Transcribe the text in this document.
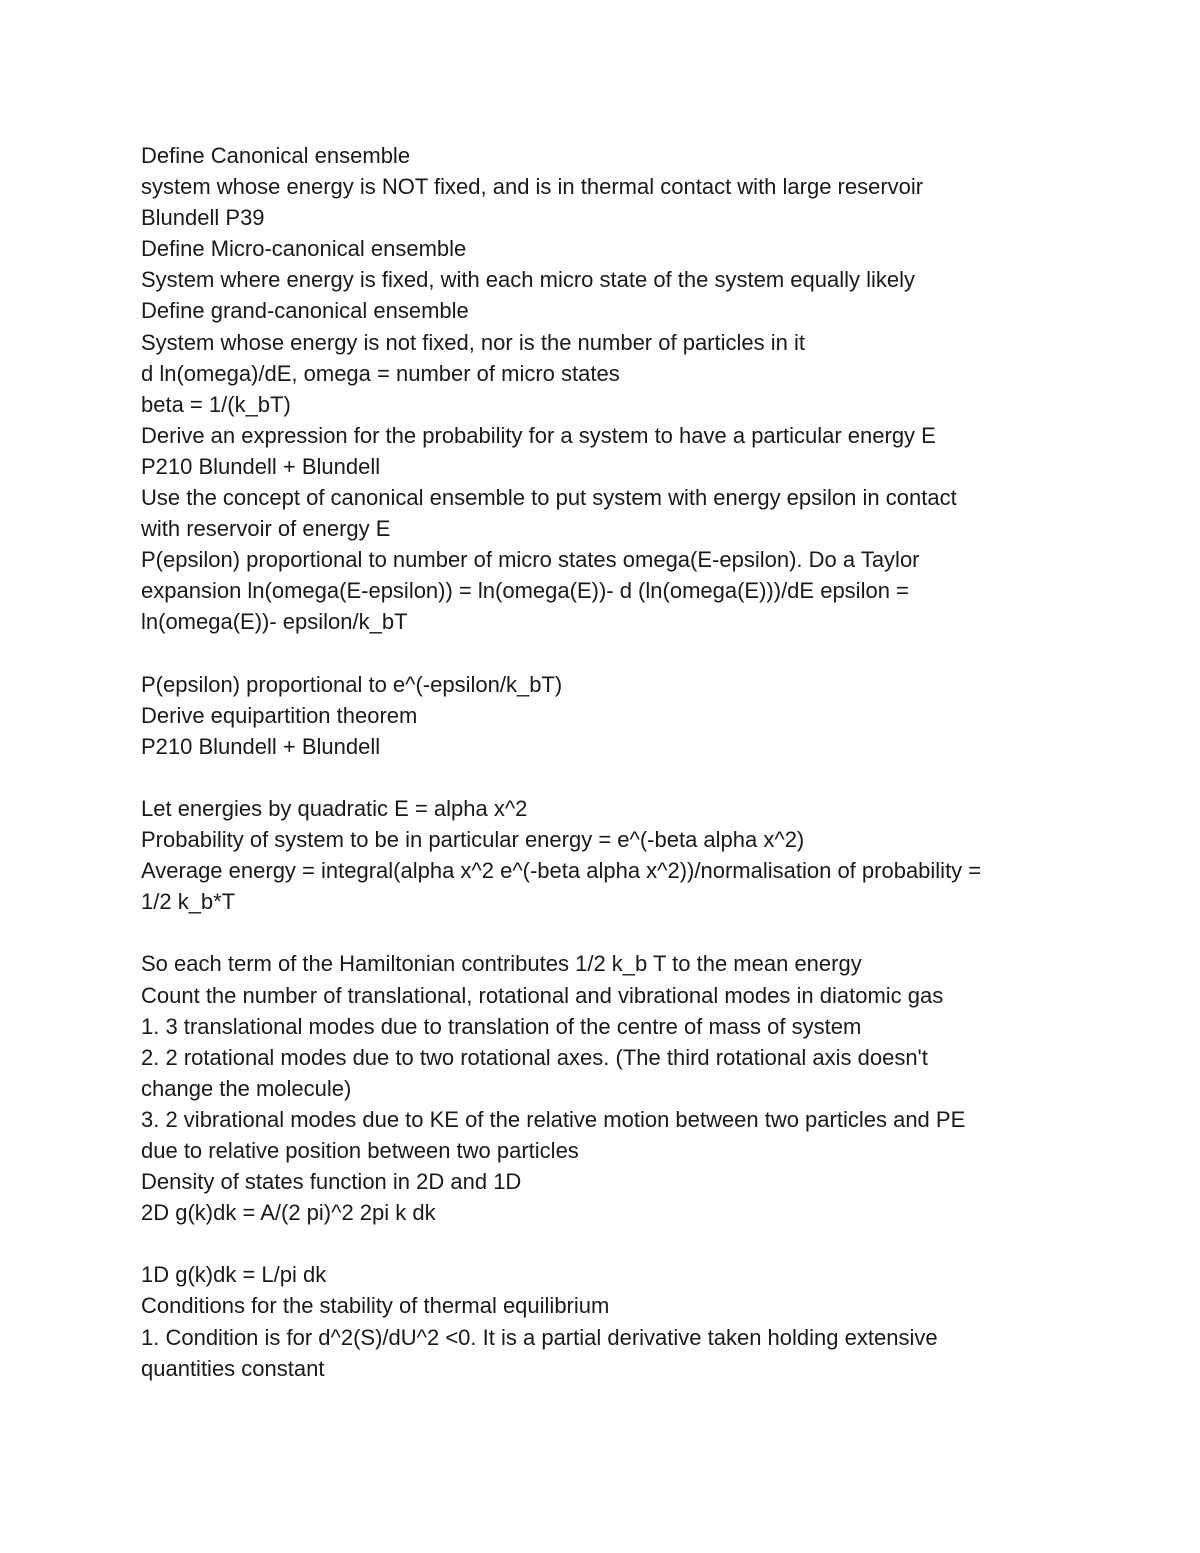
Define Canonical ensemble
system whose energy is NOT fixed, and is in thermal contact with large reservoir
Blundell P39
Define Micro-canonical ensemble
System where energy is fixed, with each micro state of the system equally likely
Define grand-canonical ensemble
System whose energy is not fixed, nor is the number of particles in it
d ln(omega)/dE, omega = number of micro states
beta = 1/(k_bT)
Derive an expression for the probability for a system to have a particular energy E
P210 Blundell + Blundell
Use the concept of canonical ensemble to put system with energy epsilon in contact
with reservoir of energy E
P(epsilon) proportional to number of micro states omega(E-epsilon). Do a Taylor
expansion ln(omega(E-epsilon)) = ln(omega(E))- d (ln(omega(E)))/dE epsilon =
ln(omega(E))- epsilon/k_bT
P(epsilon) proportional to e^(-epsilon/k_bT)
Derive equipartition theorem
P210 Blundell + Blundell
Let energies by quadratic E = alpha x^2
Probability of system to be in particular energy = e^(-beta alpha x^2)
Average energy = integral(alpha x^2 e^(-beta alpha x^2))/normalisation of probability =
1/2 k_b*T
So each term of the Hamiltonian contributes 1/2 k_b T to the mean energy
Count the number of translational, rotational and vibrational modes in diatomic gas
1. 3 translational modes due to translation of the centre of mass of system
2. 2 rotational modes due to two rotational axes. (The third rotational axis doesn't
change the molecule)
3. 2 vibrational modes due to KE of the relative motion between two particles and PE
due to relative position between two particles
Density of states function in 2D and 1D
2D g(k)dk = A/(2 pi)^2 2pi k dk
1D g(k)dk = L/pi dk
Conditions for the stability of thermal equilibrium
1. Condition is for d^2(S)/dU^2 <0. It is a partial derivative taken holding extensive
quantities constant
